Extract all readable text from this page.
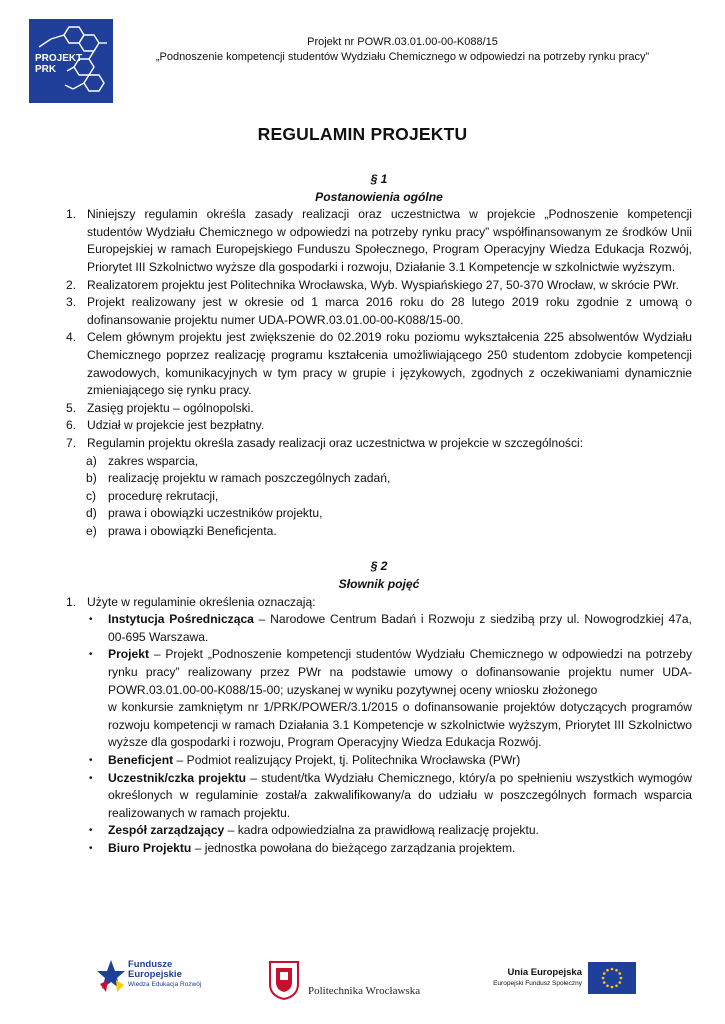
PROJEKT
PRK
Projekt nr POWR.03.01.00-00-K088/15
„Podnoszenie kompetencji studentów Wydziału Chemicznego w odpowiedzi na potrzeby rynku pracy”
REGULAMIN PROJEKTU
§ 1
Postanowienia ogólne
1. Niniejszy regulamin określa zasady realizacji oraz uczestnictwa w projekcie „Podnoszenie kompetencji studentów Wydziału Chemicznego w odpowiedzi na potrzeby rynku pracy” współfinansowanym ze środków Unii Europejskiej w ramach Europejskiego Funduszu Społecznego, Program Operacyjny Wiedza Edukacja Rozwój, Priorytet III Szkolnictwo wyższe dla gospodarki i rozwoju, Działanie 3.1 Kompetencje w szkolnictwie wyższym.
2. Realizatorem projektu jest Politechnika Wrocławska, Wyb. Wyspiańskiego 27, 50-370 Wrocław, w skrócie PWr.
3. Projekt realizowany jest w okresie od 1 marca 2016 roku do 28 lutego 2019 roku zgodnie z umową o dofinansowanie projektu numer UDA-POWR.03.01.00-00-K088/15-00.
4. Celem głównym projektu jest zwiększenie do 02.2019 roku poziomu wykształcenia 225 absolwentów Wydziału Chemicznego poprzez realizację programu kształcenia umożliwiającego 250 studentom zdobycie kompetencji zawodowych, komunikacyjnych w tym pracy w grupie i językowych, zgodnych z oczekiwaniami dynamicznie zmieniającego się rynku pracy.
5. Zasięg projektu – ogólnopolski.
6. Udział w projekcie jest bezpłatny.
7. Regulamin projektu określa zasady realizacji oraz uczestnictwa w projekcie w szczególności:
a) zakres wsparcia,
b) realizację projektu w ramach poszczególnych zadań,
c) procedurę rekrutacji,
d) prawa i obowiązki uczestników projektu,
e) prawa i obowiązki Beneficjenta.
§ 2
Słownik pojęć
1. Użyte w regulaminie określenia oznaczają:
• Instytucja Pośrednicząca – Narodowe Centrum Badań i Rozwoju z siedzibą przy ul. Nowogrodzkiej 47a, 00-695 Warszawa.
• Projekt – Projekt „Podnoszenie kompetencji studentów Wydziału Chemicznego w odpowiedzi na potrzeby rynku pracy” realizowany przez PWr na podstawie umowy o dofinansowanie projektu numer UDA-POWR.03.01.00-00-K088/15-00; uzyskanej w wyniku pozytywnej oceny wniosku złożonego
w konkursie zamkniętym nr 1/PRK/POWER/3.1/2015 o dofinansowanie projektów dotyczących programów rozwoju kompetencji w ramach Działania 3.1 Kompetencje w szkolnictwie wyższym, Priorytet III Szkolnictwo wyższe dla gospodarki i rozwoju, Program Operacyjny Wiedza Edukacja Rozwój.
• Beneficjent – Podmiot realizujący Projekt, tj. Politechnika Wrocławska (PWr)
• Uczestnik/czka projektu – student/tka Wydziału Chemicznego, który/a po spełnieniu wszystkich wymogów określonych w regulaminie został/a zakwalifikowany/a do udziału w poszczególnych formach wsparcia realizowanych w ramach projektu.
• Zespół zarządzający – kadra odpowiedzialna za prawidłową realizację projektu.
• Biuro Projektu – jednostka powołana do bieżącego zarządzania projektem.
Fundusze
Europejskie
Wiedza Edukacja Rozwój
Politechnika Wrocławska
Unia Europejska
Europejski Fundusz Społeczny
